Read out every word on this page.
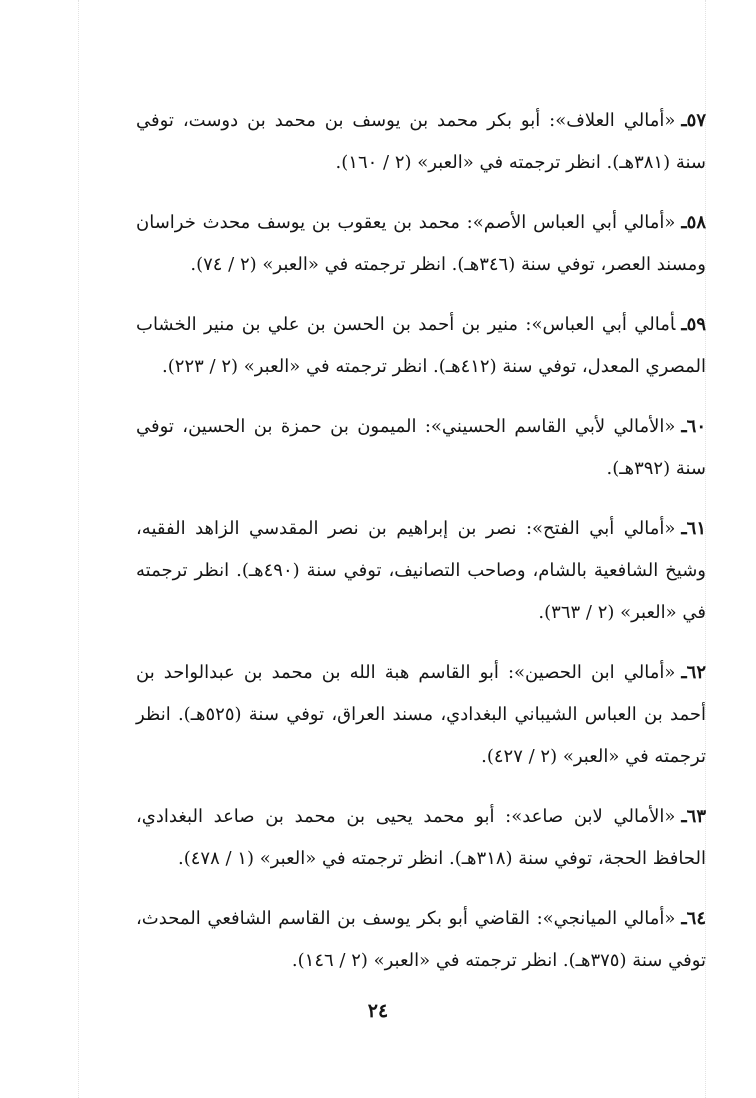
٥٧ـ«أمالي العلاف»: أبو بكر محمد بن يوسف بن محمد بن دوست، توفي سنة (٣٨١هـ). انظر ترجمته في «العبر» (٢ / ١٦٠).

٥٨ـ«أمالي أبي العباس الأصم»: محمد بن يعقوب بن يوسف محدث خراسان ومسند العصر، توفي سنة (٣٤٦هـ). انظر ترجمته في «العبر» (٢ / ٧٤).

٥٩ـأمالي أبي العباس»: منير بن أحمد بن الحسن بن علي بن منير الخشاب المصري المعدل، توفي سنة (٤١٢هـ). انظر ترجمته في «العبر» (٢ / ٢٢٣).

٦٠ـ«الأمالي لأبي القاسم الحسيني»: الميمون بن حمزة بن الحسين، توفي سنة (٣٩٢هـ).

٦١ـ«أمالي أبي الفتح»: نصر بن إبراهيم بن نصر المقدسي الزاهد الفقيه، وشيخ الشافعية بالشام، وصاحب التصانيف، توفي سنة (٤٩٠هـ). انظر ترجمته في «العبر» (٢ / ٣٦٣).

٦٢ـ«أمالي ابن الحصين»: أبو القاسم هبة الله بن محمد بن عبدالواحد بن أحمد بن العباس الشيباني البغدادي، مسند العراق، توفي سنة (٥٢٥هـ). انظر ترجمته في «العبر» (٢ / ٤٢٧).

٦٣ـ«الأمالي لابن صاعد»: أبو محمد يحيى بن محمد بن صاعد البغدادي، الحافظ الحجة، توفي سنة (٣١٨هـ). انظر ترجمته في «العبر» (١ / ٤٧٨).

٦٤ـ«أمالي الميانجي»: القاضي أبو بكر يوسف بن القاسم الشافعي المحدث، توفي سنة (٣٧٥هـ). انظر ترجمته في «العبر» (٢ / ١٤٦).

٢٤
